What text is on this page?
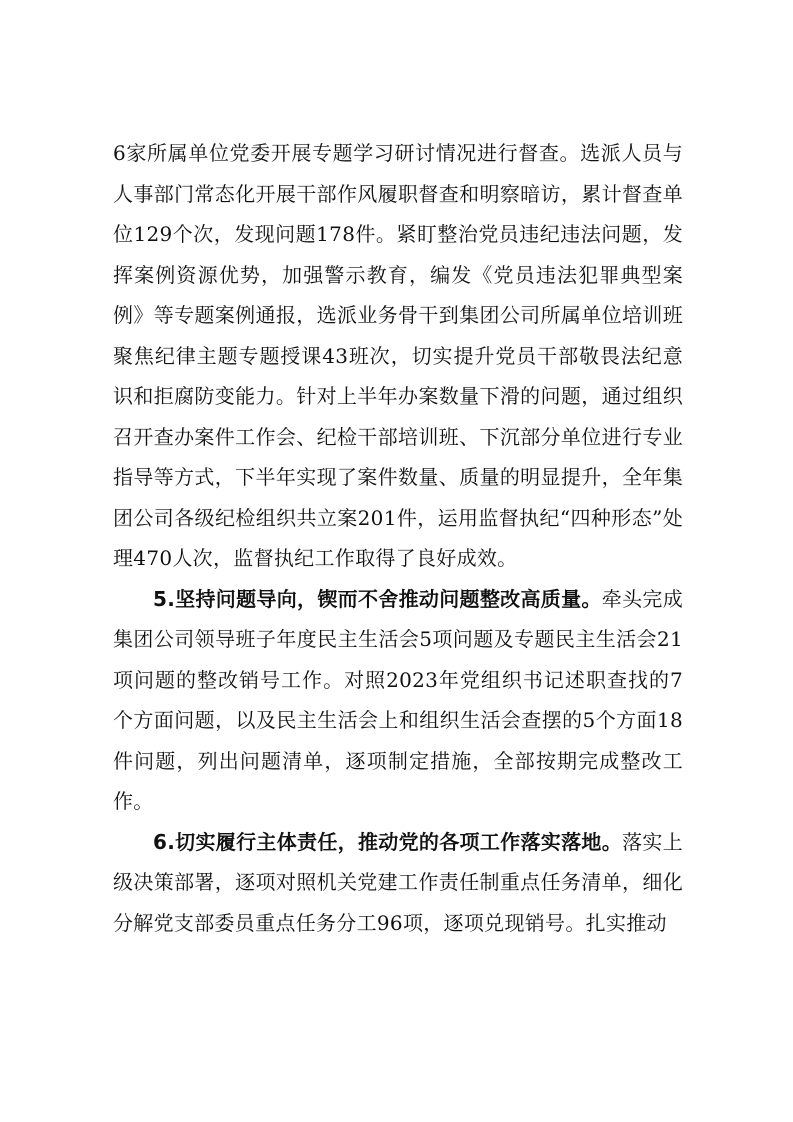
6家所属单位党委开展专题学习研讨情况进行督查。选派人员与人事部门常态化开展干部作风履职督查和明察暗访，累计督查单位129个次，发现问题178件。紧盯整治党员违纪违法问题，发挥案例资源优势，加强警示教育，编发《党员违法犯罪典型案例》等专题案例通报，选派业务骨干到集团公司所属单位培训班聚焦纪律主题专题授课43班次，切实提升党员干部敬畏法纪意识和拒腐防变能力。针对上半年办案数量下滑的问题，通过组织召开查办案件工作会、纪检干部培训班、下沉部分单位进行专业指导等方式，下半年实现了案件数量、质量的明显提升，全年集团公司各级纪检组织共立案201件，运用监督执纪“四种形态”处理470人次，监督执纪工作取得了良好成效。

5.坚持问题导向，锲而不舍推动问题整改高质量。牵头完成集团公司领导班子年度民主生活会5项问题及专题民主生活会21项问题的整改销号工作。对照2023年党组织书记述职查找的7个方面问题，以及民主生活会上和组织生活会查摆的5个方面18件问题，列出问题清单，逐项制定措施，全部按期完成整改工作。

6.切实履行主体责任，推动党的各项工作落实落地。落实上级决策部署，逐项对照机关党建工作责任制重点任务清单，细化分解党支部委员重点任务分工96项，逐项兑现销号。扎实推动
